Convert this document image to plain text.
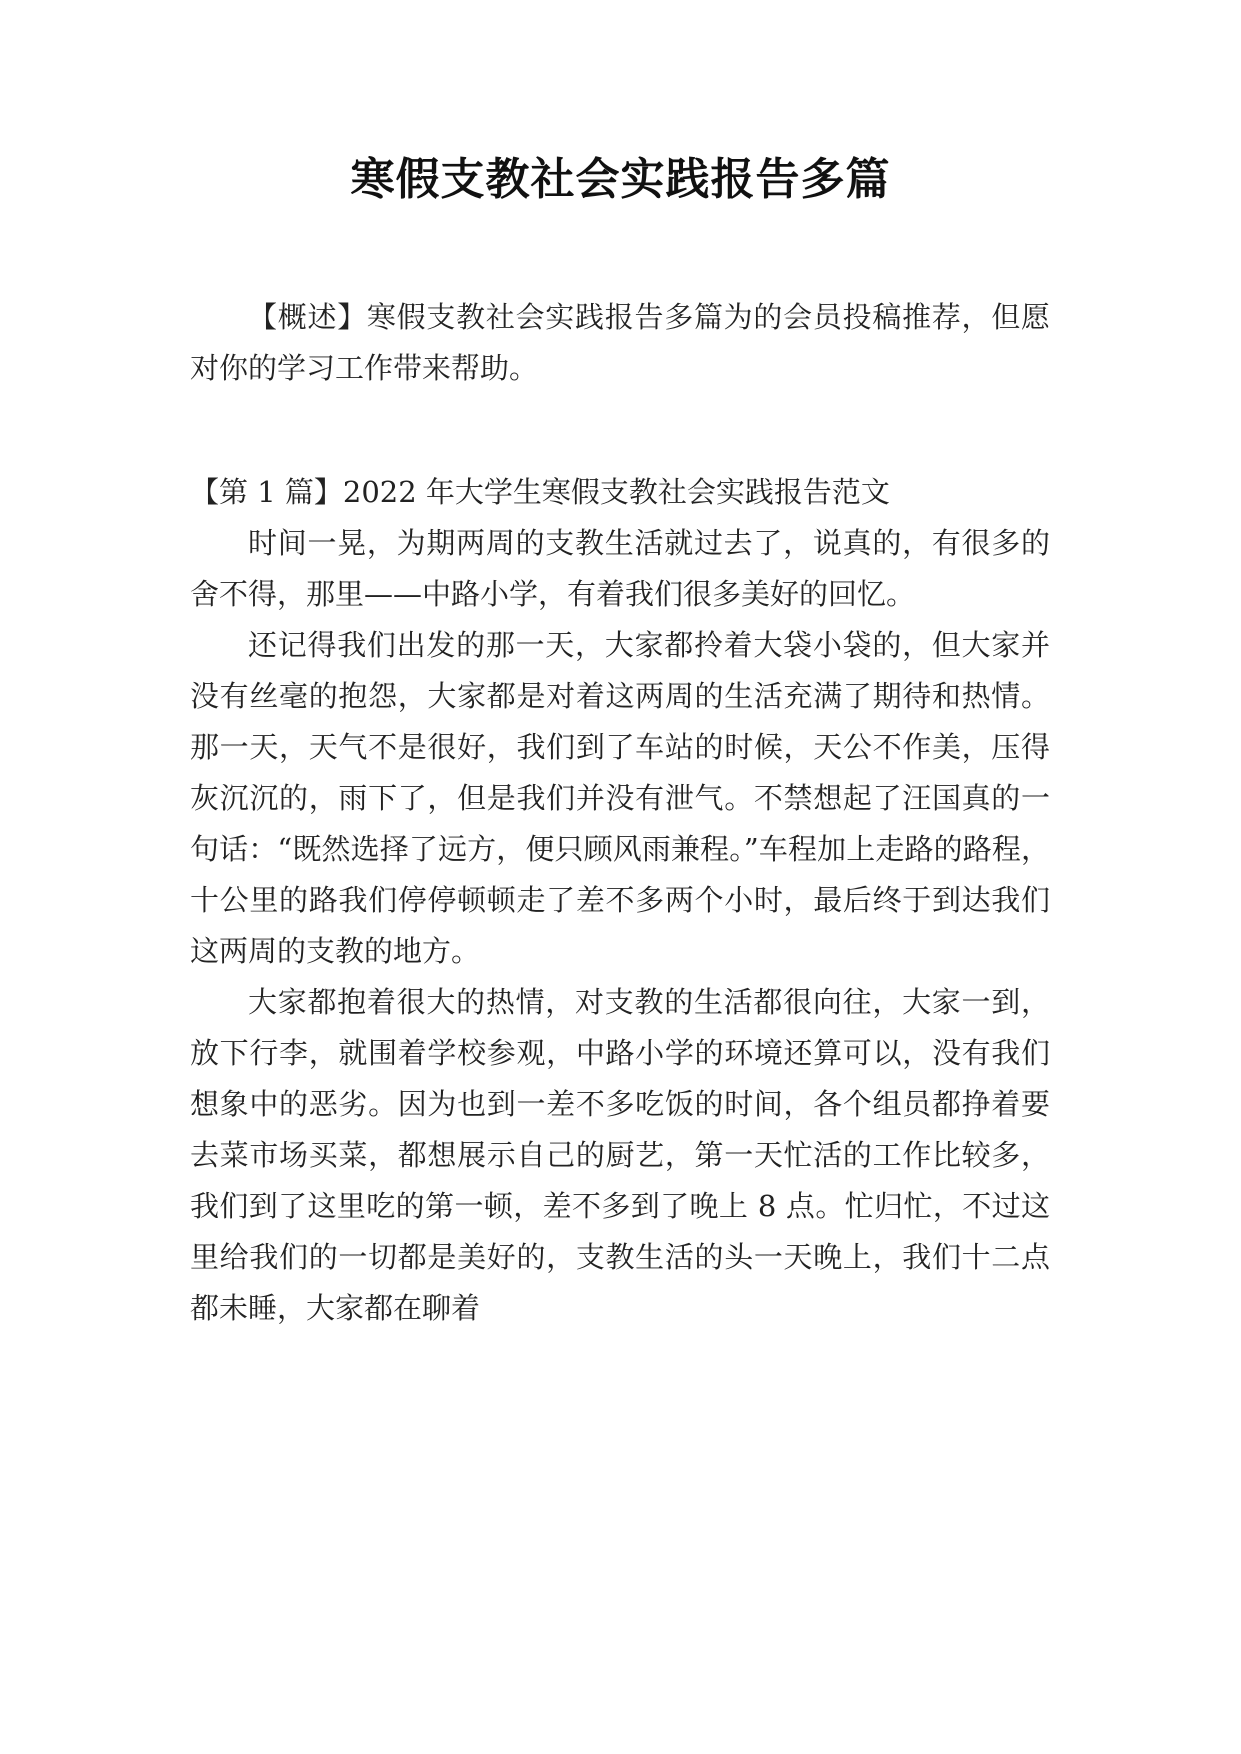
寒假支教社会实践报告多篇

【概述】寒假支教社会实践报告多篇为的会员投稿推荐，但愿对你的学习工作带来帮助。

【第 1 篇】2022 年大学生寒假支教社会实践报告范文

时间一晃，为期两周的支教生活就过去了，说真的，有很多的舍不得，那里——中路小学，有着我们很多美好的回忆。

还记得我们出发的那一天，大家都拎着大袋小袋的，但大家并没有丝毫的抱怨，大家都是对着这两周的生活充满了期待和热情。那一天，天气不是很好，我们到了车站的时候，天公不作美，压得灰沉沉的，雨下了，但是我们并没有泄气。不禁想起了汪国真的一句话：“既然选择了远方，便只顾风雨兼程。”车程加上走路的路程，十公里的路我们停停顿顿走了差不多两个小时，最后终于到达我们这两周的支教的地方。

大家都抱着很大的热情，对支教的生活都很向往，大家一到，放下行李，就围着学校参观，中路小学的环境还算可以，没有我们想象中的恶劣。因为也到一差不多吃饭的时间，各个组员都挣着要去菜市场买菜，都想展示自己的厨艺，第一天忙活的工作比较多，我们到了这里吃的第一顿，差不多到了晚上 8 点。忙归忙，不过这里给我们的一切都是美好的，支教生活的头一天晚上，我们十二点都未睡，大家都在聊着
